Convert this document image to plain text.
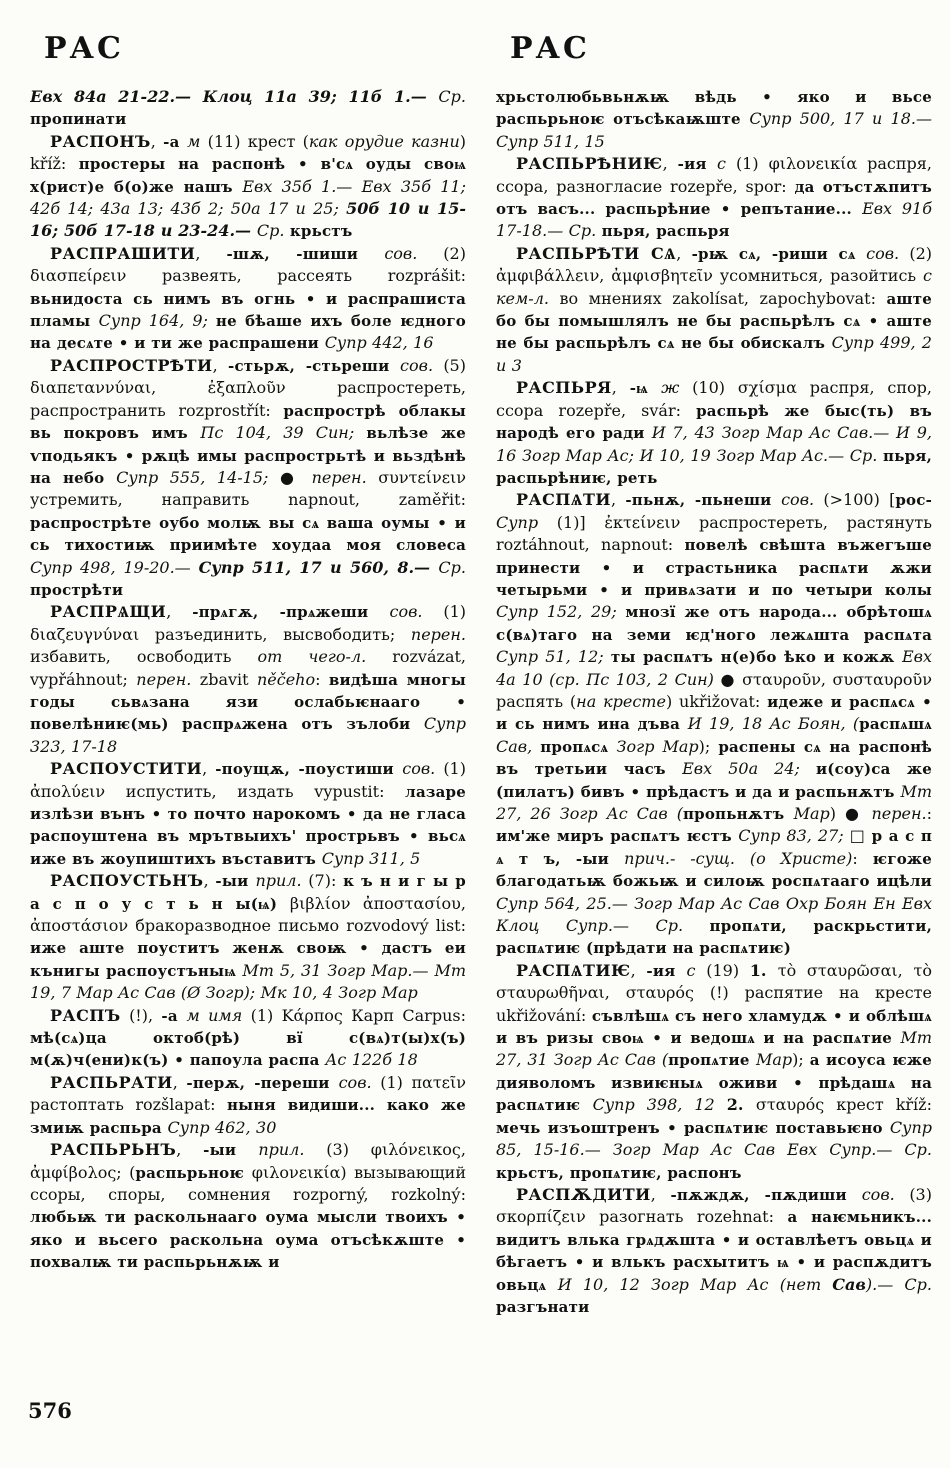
РАС

Евх 84а 21-22.— Клоц 11а 39; 11б 1.— Ср. пропинати

РАСПОНЪ, -а м (11) крест (как орудие казни) kříž: простеры на распонѣ • в'сѧ оуды своѩ х(рист)е б(о)же нашъ Евх 35б 1.— Евх 35б 11; 42б 14; 43а 13; 43б 2; 50а 17 и 25; 50б 10 и 15-16; 50б 17-18 и 23-24.— Ср. крьстъ

РАСПРАШИТИ, -шѫ, -шиши сов. (2) διασπείρειν развеять, рассеять rozprášit: вьнидоста сь нимъ въ огнь • и распрашиста пламы Супр 164, 9; не бѣаше ихъ боле ѥдного на десѧте • и ти же распрашени Супр 442, 16

РАСПРОСТРѢТИ, -стьрѫ, -стьреши сов. (5) διαπεταννύναι, ἐξαπλοῦν распростереть, распространить rozprostřít: распрострѣ облакы вь покровъ имъ Пс 104, 39 Син; вьлѣзе же ѵподьякъ • рѫцѣ имы распрострьтѣ и вьздѣнѣ на небо Супр 555, 14-15; ● перен. συντείνειν устремить, направить napnout, zaměřit: распрострѣте оубо молѭ вы сѧ ваша оумы • и сь тихостиѭ приимѣте хоудаа моя словеса Супр 498, 19-20.— Супр 511, 17 и 560, 8.— Ср. прострѣти

РАСПРѦЩИ, -прѧгѫ, -прѧжеши сов. (1) διαζευγνύναι разъединить, высвободить; перен. избавить, освободить от чего-л. rozvázat, vypřáhnout; перен. zbavit něčeho: видѣша многы годы сьвѧзана язи ослабьѥнааго • повелѣниѥ(мь) распрѧжена отъ зълоби Супр 323, 17-18

РАСПОУСТИТИ, -поущѫ, -поустиши сов. (1) ἀπολύειν испустить, издать vypustit: лазаре излѣзи вънъ • то почто нарокомъ • да не гласа распоуштена въ мрътвыихъ' прострьвъ • вьсѧ иже въ жоупиштихъ въставитъ Супр 311, 5

РАСПОУСТЬНЪ, -ыи прил. (7): к ъ н и г ы р а с п о у с т ь н ы(ѩ) βιβλίον ἀποστασίου, ἀποστάσιον бракоразводное письмо rozvodový list: иже аште поуститъ женѫ своѭ • дастъ еи кънигы распоустъныѩ Мт 5, 31 Зогр Мар.— Мт 19, 7 Мар Ас Сав (Ø Зогр); Мк 10, 4 Зогр Мар

РАСПЪ (!), -а м имя (1) Κάρπος Карп Carpus: мѣ(сѧ)ца октоб(рѣ) вї с(вѧ)т(ы)х(ъ) м(ѫ)ч(ени)к(ъ) • папоула распа Ас 122б 18

РАСПЬРАТИ, -перѫ, -переши сов. (1) πατεῖν растоптать rozšlapat: ныня видиши... како же змиѭ распьра Супр 462, 30

РАСПЬРЬНЪ, -ыи прил. (3) φιλόνεικος, ἀμφίβολος; (распьрьноѥ φιλονεικία) вызывающий ссоры, споры, сомнения rozporný, rozkolný: любьѭ ти раскольнааго оума мысли твоихъ • яко и вьсего раскольна оума отъсѣкѫште • похвалѭ ти распьрьнѫѭ и

РАС

хрьстолюбьвьнѫѭ вѣдь • яко и вьсе распьрьноѥ отъсѣкаѭште Супр 500, 17 и 18.— Супр 511, 15

РАСПЬРѢНИѤ, -ия с (1) φιλονεικία распря, ссора, разногласие rozepře, spor: да отъстѫпитъ отъ васъ... распьрѣние • репътание... Евх 91б 17-18.— Ср. пьря, распьря

РАСПЬРѢТИ СѦ, -рѭ сѧ, -риши сѧ сов. (2) ἀμφιβάλλειν, ἀμφισβητεῖν усомниться, разойтись с кем-л. во мнениях zakolísat, zapochybovat: аште бо бы помышлялъ не бы распьрѣлъ сѧ • аште не бы распьрѣлъ сѧ не бы обискалъ Супр 499, 2 и 3

РАСПЬРЯ, -ѩ ж (10) σχίσμα распря, спор, ссора rozepře, svár: распьрѣ же быс(ть) въ народѣ его ради И 7, 43 Зогр Мар Ас Сав.— И 9, 16 Зогр Мар Ас; И 10, 19 Зогр Мар Ас.— Ср. пьря, распьрѣниѥ, реть

РАСПѦТИ, -пьнѫ, -пьнеши сов. (>100) [рос- Супр (1)] ἐκτείνειν распростереть, растянуть roztáhnout, napnout: повелѣ свѣшта въжегъше принести • и страстьника распѧти ѫжи четырьми • и привѧзати и по четыри колы Супр 152, 29; мнозї же отъ народа... обрѣтошѧ с(вѧ)таго на земи ѥд'ного лежѧшта распѧта Супр 51, 12; ты распѧтъ н(е)бо ѣко и кожѫ Евх 4а 10 (ср. Пс 103, 2 Син) ● σταυροῦν, συσταυροῦν распять (на кресте) ukřižovat: идеже и распѧсѧ • и сь нимъ ина дъва И 19, 18 Ас Боян, (распѧшѧ Сав, пропѧсѧ Зогр Мар); распены сѧ на распонѣ въ третьии часъ Евх 50а 24; и(соу)са же (пилатъ) бивъ • прѣдастъ и да и распьнѫтъ Мт 27, 26 Зогр Ас Сав (пропьнѫтъ Мар) ● перен.: им'же миръ распѧтъ ѥстъ Супр 83, 27; □ р а с п ѧ т ъ, -ыи прич.- -сущ. (о Христе): ѥгоже благодатьѭ божьѭ и силоѭ роспѧтааго ицѣли Супр 564, 25.— Зогр Мар Ас Сав Охр Боян Ен Евх Клоц Супр.— Ср. пропѧти, раскрьстити, распѧтиѥ (прѣдати на распѧтиѥ)

РАСПѦТИѤ, -ия с (19) 1. τὸ σταυρῶσαι, τὸ σταυρωθῆναι, σταυρός (!) распятие на кресте ukřižování: съвлѣшѧ съ него хламудѫ • и облѣшѧ и въ ризы своѩ • и ведошѧ и на распѧтие Мт 27, 31 Зогр Ас Сав (пропѧтие Мар); а исоуса ѥже дияволомъ извиѥныѧ оживи • прѣдашѧ на распѧтиѥ Супр 398, 12 2. σταυρός крест kříž: мечь изъоштренъ • распѧтиѥ поставьѥно Супр 85, 15-16.— Зогр Мар Ас Сав Евх Супр.— Ср. крьстъ, пропѧтиѥ, распонъ

РАСПѪДИТИ, -пѫждѫ, -пѫдиши сов. (3) σκορπίζειν разогнать rozehnat: а наѥмьникъ... видитъ влька грѧдѫшта • и оставлѣетъ овьцѧ и бѣгаетъ • и влькъ расхытитъ ѩ • и распѫдитъ овьцѧ И 10, 12 Зогр Мар Ас (нет Сав).— Ср. разгънати

576
